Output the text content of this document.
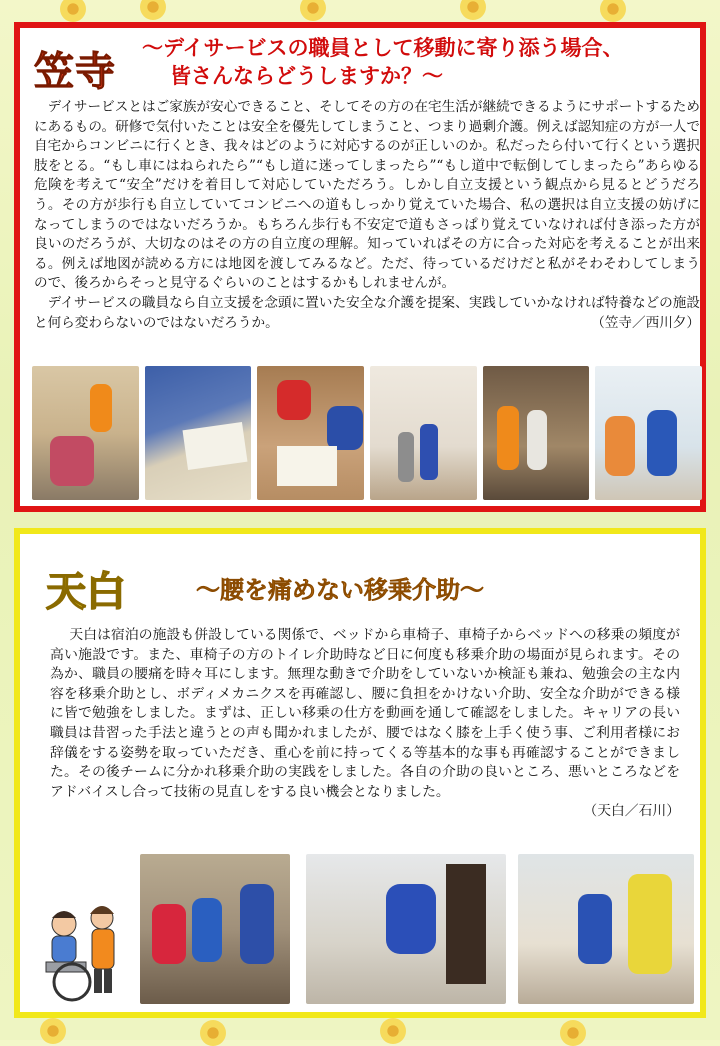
笠寺
～デイサービスの職員として移動に寄り添う場合、
皆さんならどうしますか？～

デイサービスとはご家族が安心できること、そしてその方の在宅生活が継続できるようにサポートするためにあるもの。研修で気付いたことは安全を優先してしまうこと、つまり過剰介護。例えば認知症の方が一人で自宅からコンビニに行くとき、我々はどのように対応するのが正しいのか。私だったら付いて行くという選択肢をとる。“もし車にはねられたら”“もし道に迷ってしまったら”“もし道中で転倒してしまったら”あらゆる危険を考えて“安全”だけを着目して対応していただろう。しかし自立支援という観点から見るとどうだろう。その方が歩行も自立していてコンビニへの道もしっかり覚えていた場合、私の選択は自立支援の妨げになってしまうのではないだろうか。もちろん歩行も不安定で道もさっぱり覚えていなければ付き添った方が良いのだろうが、大切なのはその方の自立度の理解。知っていればその方に合った対応を考えることが出来る。例えば地図が読める方には地図を渡してみるなど。ただ、待っているだけだと私がそわそわしてしまうので、後ろからそっと見守るぐらいのことはするかもしれませんが。

デイサービスの職員なら自立支援を念頭に置いた安全な介護を提案、実践していかなければ特養などの施設と何ら変わらないのではないだろうか。	（笠寺／西川夕）

天白	～腰を痛めない移乗介助～

天白は宿泊の施設も併設している関係で、ベッドから車椅子、車椅子からベッドへの移乗の頻度が高い施設です。また、車椅子の方のトイレ介助時など日に何度も移乗介助の場面が見られます。その為か、職員の腰痛を時々耳にします。無理な動きで介助をしていないか検証も兼ね、勉強会の主な内容を移乗介助とし、ボディメカニクスを再確認し、腰に負担をかけない介助、安全な介助ができる様に皆で勉強をしました。まずは、正しい移乗の仕方を動画を通して確認をしました。キャリアの長い職員は昔習った手法と違うとの声も聞かれましたが、腰ではなく膝を上手く使う事、ご利用者様にお辞儀をする姿勢を取っていただき、重心を前に持ってくる等基本的な事も再確認することができました。その後チームに分かれ移乗介助の実践をしました。各自の介助の良いところ、悪いところなどをアドバイスし合って技術の見直しをする良い機会となりました。

（天白／石川）
